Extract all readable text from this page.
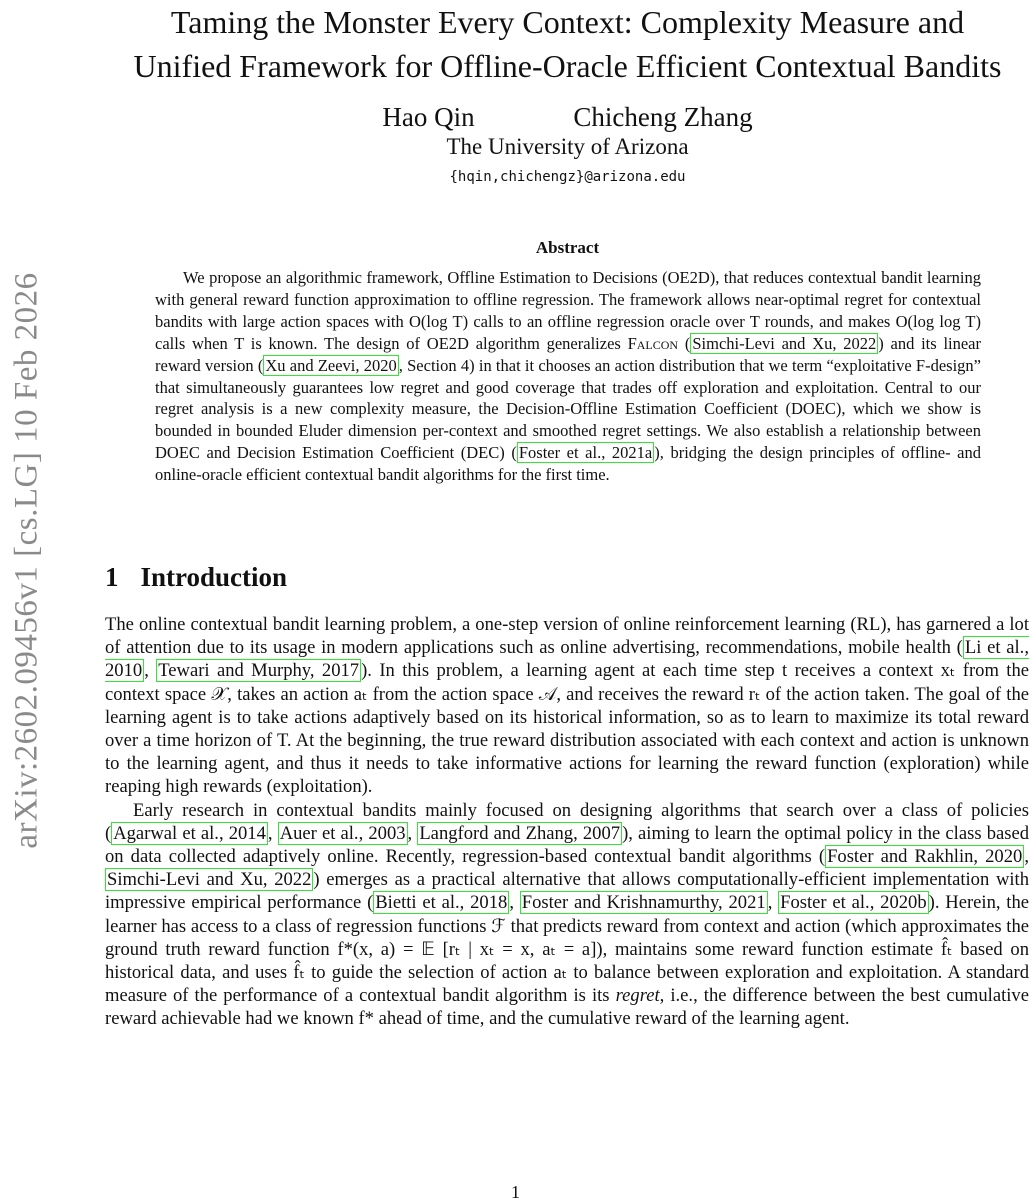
arXiv:2602.09456v1 [cs.LG] 10 Feb 2026
Taming the Monster Every Context: Complexity Measure and
Unified Framework for Offline-Oracle Efficient Contextual Bandits
Hao Qin	Chicheng Zhang
The University of Arizona
{hqin,chichengz}@arizona.edu
Abstract

We propose an algorithmic framework, Offline Estimation to Decisions (OE2D), that reduces contextual bandit learning with general reward function approximation to offline regression. The framework allows near-optimal regret for contextual bandits with large action spaces with O(log T) calls to an offline regression oracle over T rounds, and makes O(log log T) calls when T is known. The design of OE2D algorithm generalizes Falcon ( Simchi-Levi and Xu, 2022 ) and its linear reward version ( Xu and Zeevi, 2020 , Section 4) in that it chooses an action distribution that we term “exploitative F-design” that simultaneously guarantees low regret and good coverage that trades off exploration and exploitation. Central to our regret analysis is a new complexity measure, the Decision-Offline Estimation Coefficient (DOEC), which we show is bounded in bounded Eluder dimension per-context and smoothed regret settings. We also establish a relationship between DOEC and Decision Estimation Coefficient (DEC) ( Foster et al., 2021a ), bridging the design principles of offline- and online-oracle efficient contextual bandit algorithms for the first time.

1 Introduction

The online contextual bandit learning problem, a one-step version of online reinforcement learning (RL), has garnered a lot of attention due to its usage in modern applications such as online advertising, recommendations, mobile health ( Li et al., 2010 , Tewari and Murphy, 2017 ). In this problem, a learning agent at each time step t receives a context xₜ from the context space 𝒳, takes an action aₜ from the action space 𝒜, and receives the reward rₜ of the action taken. The goal of the learning agent is to take actions adaptively based on its historical information, so as to learn to maximize its total reward over a time horizon of T. At the beginning, the true reward distribution associated with each context and action is unknown to the learning agent, and thus it needs to take informative actions for learning the reward function (exploration) while reaping high rewards (exploitation).

Early research in contextual bandits mainly focused on designing algorithms that search over a class of policies ( Agarwal et al., 2014 , Auer et al., 2003 , Langford and Zhang, 2007 ), aiming to learn the optimal policy in the class based on data collected adaptively online. Recently, regression-based contextual bandit algorithms ( Foster and Rakhlin, 2020 , Simchi-Levi and Xu, 2022 ) emerges as a practical alternative that allows computationally-efficient implementation with impressive empirical performance ( Bietti et al., 2018 , Foster and Krishnamurthy, 2021 , Foster et al., 2020b ). Herein, the learner has access to a class of regression functions ℱ that predicts reward from context and action (which approximates the ground truth reward function f*(x, a) = 𝔼 [rₜ | xₜ = x, aₜ = a]), maintains some reward function estimate f̂ₜ based on historical data, and uses f̂ₜ to guide the selection of action aₜ to balance between exploration and exploitation. A standard measure of the performance of a contextual bandit algorithm is its regret, i.e., the difference between the best cumulative reward achievable had we known f* ahead of time, and the cumulative reward of the learning agent.

1
